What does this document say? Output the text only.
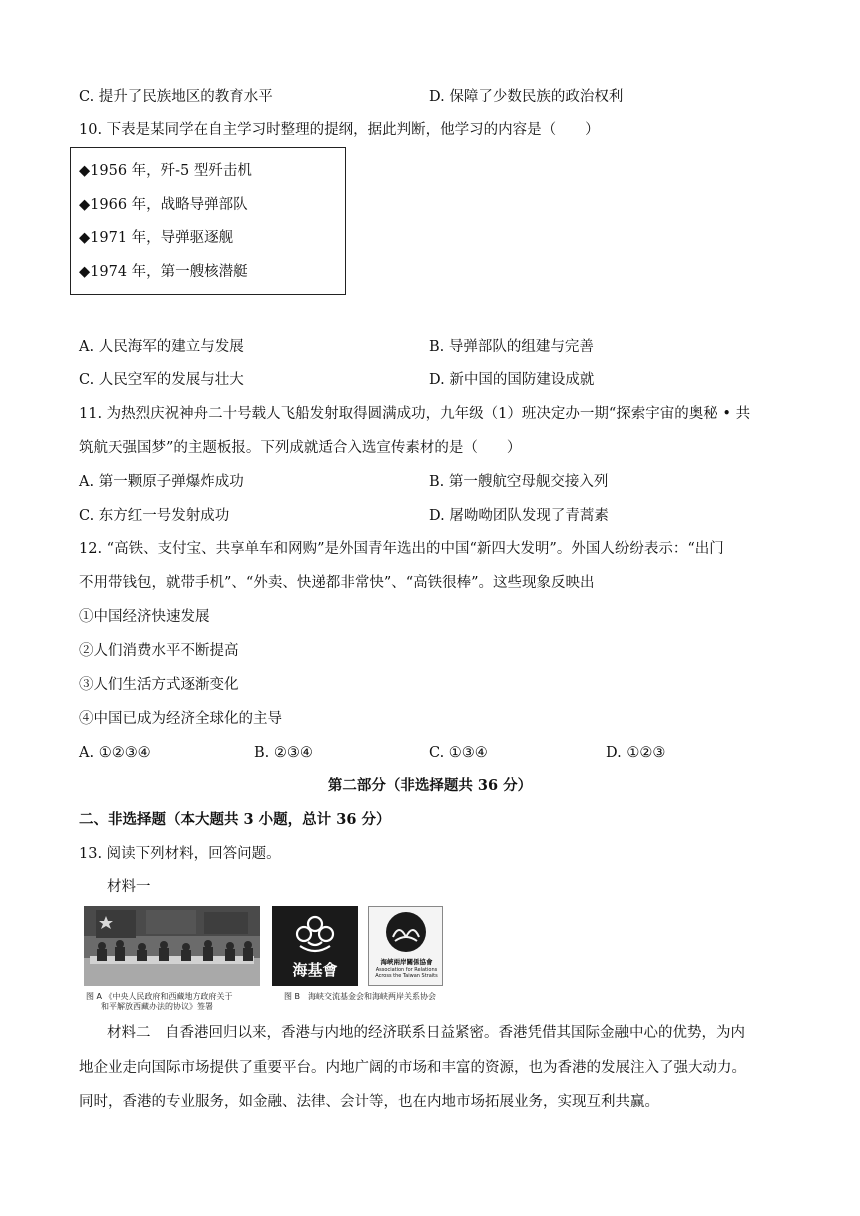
C. 提升了民族地区的教育水平	D. 保障了少数民族的政治权利
10. 下表是某同学在自主学习时整理的提纲，据此判断，他学习的内容是（　　）
◆1956 年，歼-5 型歼击机
◆1966 年，战略导弹部队
◆1971 年，导弹驱逐舰
◆1974 年，第一艘核潜艇
A. 人民海军的建立与发展	B. 导弹部队的组建与完善
C. 人民空军的发展与壮大	D. 新中国的国防建设成就
11. 为热烈庆祝神舟二十号载人飞船发射取得圆满成功，九年级（1）班决定办一期“探索宇宙的奥秘 • 共
筑航天强国梦”的主题板报。下列成就适合入选宣传素材的是（　　）
A. 第一颗原子弹爆炸成功	B. 第一艘航空母舰交接入列
C. 东方红一号发射成功	D. 屠呦呦团队发现了青蒿素
12. “高铁、支付宝、共享单车和网购”是外国青年选出的中国“新四大发明”。外国人纷纷表示：“出门
不用带钱包，就带手机”、“外卖、快递都非常快”、“高铁很棒”。这些现象反映出
①中国经济快速发展
②人们消费水平不断提高
③人们生活方式逐渐变化
④中国已成为经济全球化的主导
A. ①②③④	B. ②③④	C. ①③④	D. ①②③
第二部分（非选择题共 36 分）
二、非选择题（本大题共 3 小题，总计 36 分）
13. 阅读下列材料，回答问题。
材料一
图 A 《中央人民政府和西藏地方政府关于
和平解放西藏办法的协议》签署
海基會	海峽兩岸關係協會
Association for Relations
Across the Taiwan Straits
图 B　海峡交流基金会和海峡两岸关系协会
材料二　自香港回归以来，香港与内地的经济联系日益紧密。香港凭借其国际金融中心的优势，为内
地企业走向国际市场提供了重要平台。内地广阔的市场和丰富的资源，也为香港的发展注入了强大动力。
同时，香港的专业服务，如金融、法律、会计等，也在内地市场拓展业务，实现互利共赢。
